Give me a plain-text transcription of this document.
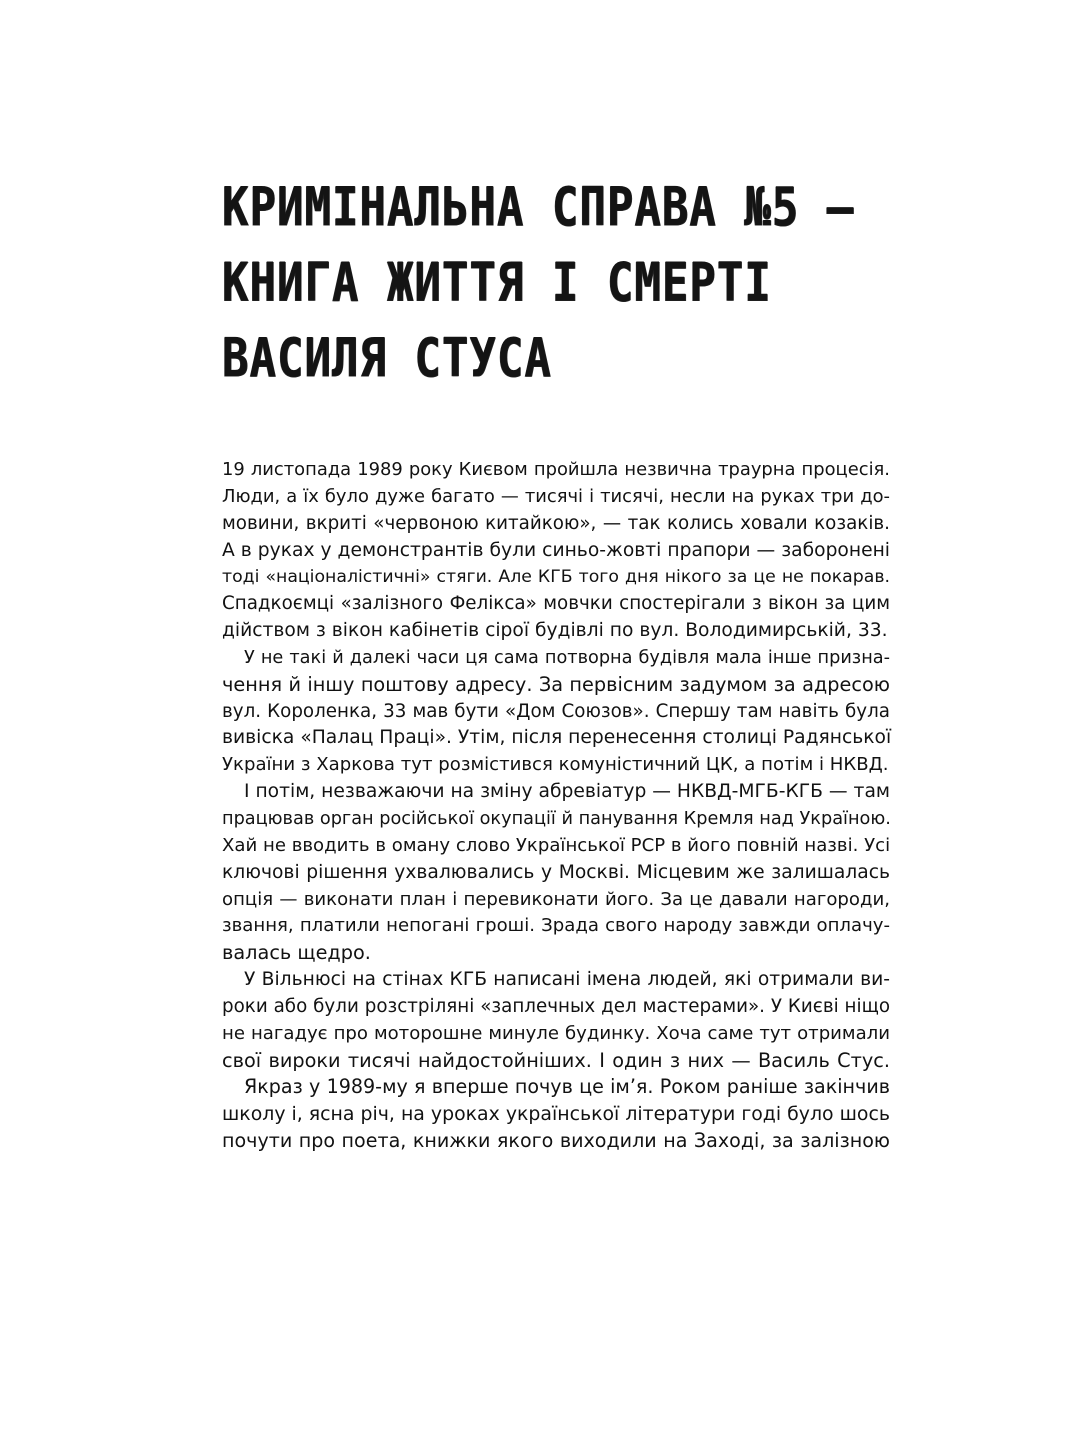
КРИМІНАЛЬНА СПРАВА №5 –
КНИГА ЖИТТЯ І СМЕРТІ
ВАСИЛЯ СТУСА

19 листопада 1989 року Києвом пройшла незвична траурна процесія.

Люди, а їх було дуже багато — тисячі і тисячі, несли на руках три до-

мовини, вкриті «червоною китайкою», — так колись ховали козаків.

А в руках у демонстрантів були синьо-жовті прапори — заборонені

тоді «націоналістичні» стяги. Але КГБ того дня нікого за це не покарав.

Спадкоємці «залізного Фелікса» мовчки спостерігали з вікон за цим

дійством з вікон кабінетів сірої будівлі по вул. Володимирській, 33.

У не такі й далекі часи ця сама потворна будівля мала інше призна-

чення й іншу поштову адресу. За первісним задумом за адресою

вул. Короленка, 33 мав бути «Дом Союзов». Спершу там навіть була

вивіска «Палац Праці». Утім, після перенесення столиці Радянської

України з Харкова тут розмістився комуністичний ЦК, а потім і НКВД.

І потім, незважаючи на зміну абревіатур — НКВД-МГБ-КГБ — там

працював орган російської окупації й панування Кремля над Україною.

Хай не вводить в оману слово Української РСР в його повній назві. Усі

ключові рішення ухвалювались у Москві. Місцевим же залишалась

опція — виконати план і перевиконати його. За це давали нагороди,

звання, платили непогані гроші. Зрада свого народу завжди оплачу-

валась щедро.

У Вільнюсі на стінах КГБ написані імена людей, які отримали ви-

роки або були розстріляні «заплечных дел мастерами». У Києві ніщо

не нагадує про моторошне минуле будинку. Хоча саме тут отримали

свої вироки тисячі найдостойніших. І один з них — Василь Стус.

Якраз у 1989-му я вперше почув це ім’я. Роком раніше закінчив

школу і, ясна річ, на уроках української літератури годі було шось

почути про поета, книжки якого виходили на Заході, за залізною
